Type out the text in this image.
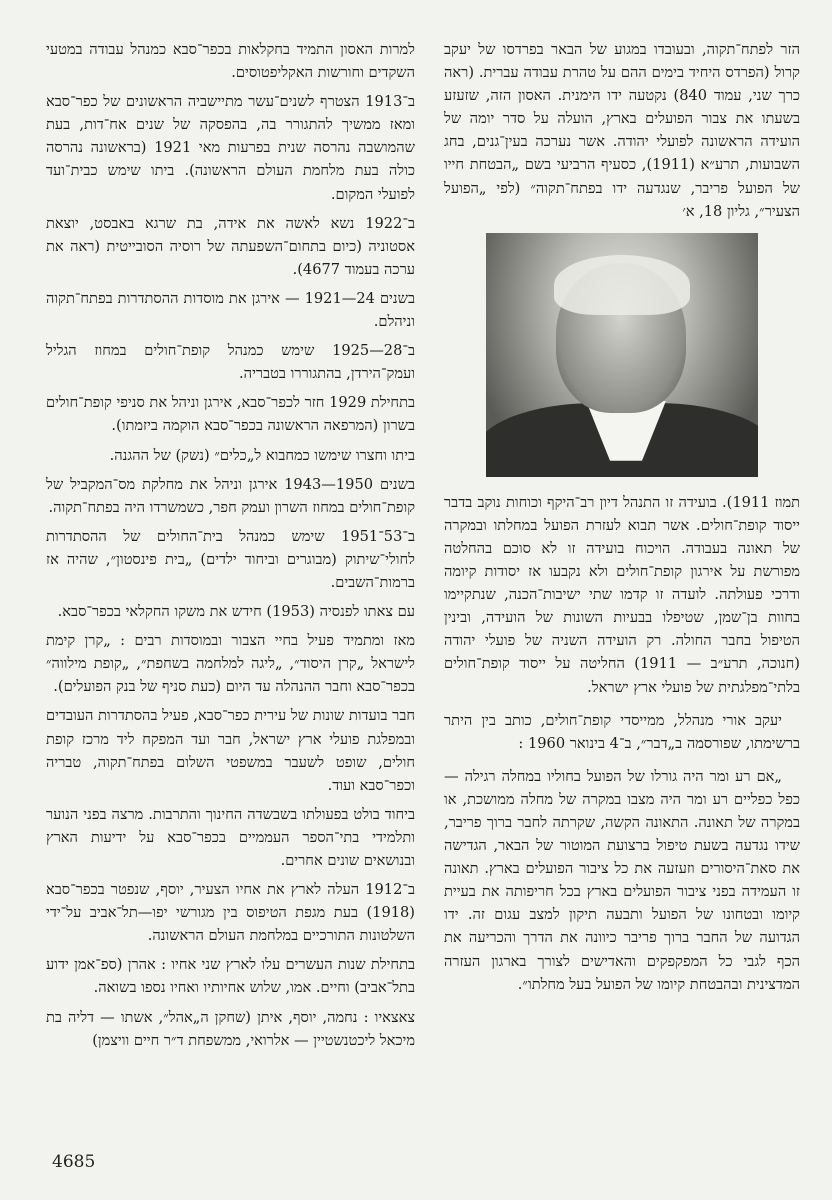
הזר לפתח־תקוה, ובעובדו במגוע של הבאר בפרדסו של יעקב קרול (הפרדס היחיד בימים ההם על טהרת עבודה עברית. (ראה כרך שני, עמוד 840) נקטעה ידו הימנית. האסון הזה, שזעזע בשעתו את צבור הפועלים בארץ, הועלה על סדר יומה של הועידה הראשונה לפועלי יהודה. אשר נערכה בעין־גנים, בחג השבועות, תרע״א (1911), כסעיף הרביעי בשם „הבטחת חייו של הפועל פריבר, שנגדעה ידו בפתח־תקוה״ (לפי „הפועל הצעיר״, גליון 18, א׳

תמוז 1911). בועידה זו התנהל דיון רב־היקף וכוחות נוקב בדבר ייסוד קופת־חולים. אשר תבוא לעזרת הפועל במחלתו ובמקרה של תאונה בעבודה. הויכוח בועידה זו לא סוכם בהחלטה מפורשת על אירגון קופת־חולים ולא נקבעו אז יסודות קיומה ודרכי פעולתה. לועדה זו קדמו שתי ישיבות־הכנה, שנתקיימו בחוות בן־שמן, שטיפלו בבעיות השונות של הועידה, ובינין הטיפול בחבר החולה. רק הועידה השניה של פועלי יהודה (חנוכה, תרע״ב — 1911) החליטה על ייסוד קופת־חולים בלתי־מפלגתית של פועלי ארץ ישראל.

יעקב אורי מנהלל, ממייסדי קופת־חולים, כותב בין היתר ברשימתו, שפורסמה ב„דבר״, ב־4 בינואר 1960 :

„אם רע ומר היה גורלו של הפועל בחוליו במחלה רגילה — כפל כפליים רע ומר היה מצבו במקרה של מחלה ממושכת, או במקרה של תאונה. התאונה הקשה, שקרתה לחבר ברוך פריבר, שידו נגדעה בשעת טיפול ברצועת המוטור של הבאר, הגדישה את סאת־היסורים וזעזעה את כל ציבור הפועלים בארץ. תאונה זו העמידה בפני ציבור הפועלים בארץ בכל חריפותה את בעיית קיומו ובטחונו של הפועל ותבעה תיקון למצב עגום זה. ידו הגדועה של החבר ברוך פריבר כיוונה את הדרך והכריעה את הכף לגבי כל המפקפקים והאדישים לצורך בארגון העזרה המדצינית ובהבטחת קיומו של הפועל בעל מחלתו״.

למרות האסון התמיד בחקלאות בכפר־סבא כמנהל עבודה במטעי השקדים וחורשות האקליפטוסים.

ב־1913 הצטרף לשנים־עשר מתיישביה הראשונים של כפר־סבא ומאז ממשיך להתגורר בה, בהפסקה של שנים אח־דות, בעת שהמושבה נהרסה שנית בפרעות מאי 1921 (בראשונה נהרסה כולה בעת מלחמת העולם הראשונה). ביתו שימש כבית־ועד לפועלי המקום.

ב־1922 נשא לאשה את אידה, בת שרגא באבסט, יוצאת אסטוניה (כיום בתחום־השפעתה של רוסיה הסובייטית (ראה את ערכה בעמוד 4677).

בשנים 24—1921 — אירגן את מוסדות ההסתדרות בפתח־תקוה וניהלם.

ב־28—1925 שימש כמנהל קופת־חולים במחוז הגליל ועמק־הירדן, בהתגוררו בטבריה.

בתחילת 1929 חזר לכפר־סבא, אירגן וניהל את סניפי קופת־חולים בשרון (המרפאה הראשונה בכפר־סבא הוקמה ביזמתו).

ביתו וחצרו שימשו כמחבוא ל„כלים״ (נשק) של ההגנה.

בשנים 1950—1943 אירגן וניהל את מחלקת מס־המקביל של קופת־חולים במחוז השרון ועמק חפר, כשמשרדו היה בפתח־תקוה.

ב־53־1951 שימש כמנהל בית־החולים של ההסתדרות לחולי־שיתוק (מבוגרים וביחוד ילדים) „בית פינסטון״, שהיה אז ברמות־השבים.

עם צאתו לפנסיה (1953) חידש את משקו החקלאי בכפר־סבא.

מאז ומתמיד פעיל בחיי הצבור ובמוסדות רבים : „קרן קימת לישראל „קרן היסוד״, „ליגה למלחמה בשחפת״, „קופת מילווה״ בכפר־סבא וחבר ההנהלה עד היום (כעת סניף של בנק הפועלים).

חבר בועדות שונות של עירית כפר־סבא, פעיל בהסתדרות העובדים ובמפלגת פועלי ארץ ישראל, חבר ועד המפקח ליד מרכז קופת חולים, שופט לשעבר במשפטי השלום בפתח־תקוה, טבריה וכפר־סבא ועוד.

ביחוד בולט בפעולתו בשבשדה החינוך והתרבות. מרצה בפני הנוער ותלמידי בתי־הספר העממיים בכפר־סבא על ידיעות הארץ ובנושאים שונים אחרים.

ב־1912 העלה לארץ את אחיו הצעיר, יוסף, שנפטר בכפר־סבא (1918) בעת מגפת הטיפוס בין מגורשי יפו—תל־אביב על־ידי השלטונות התורכיים במלחמת העולם הראשונה.

בתחילת שנות העשרים עלו לארץ שני אחיו : אהרן (ספ־אמן ידוע בתל־אביב) וחיים. אמו, שלוש אחיותיו ואחיו נספו בשואה.

צאצאיו : נחמה, יוסף, איתן (שחקן ה„אהל״, אשתו — דליה בת מיכאל ליכטנשטיין — אלרואי, ממשפחת ד״ר חיים וויצמן)

4685
